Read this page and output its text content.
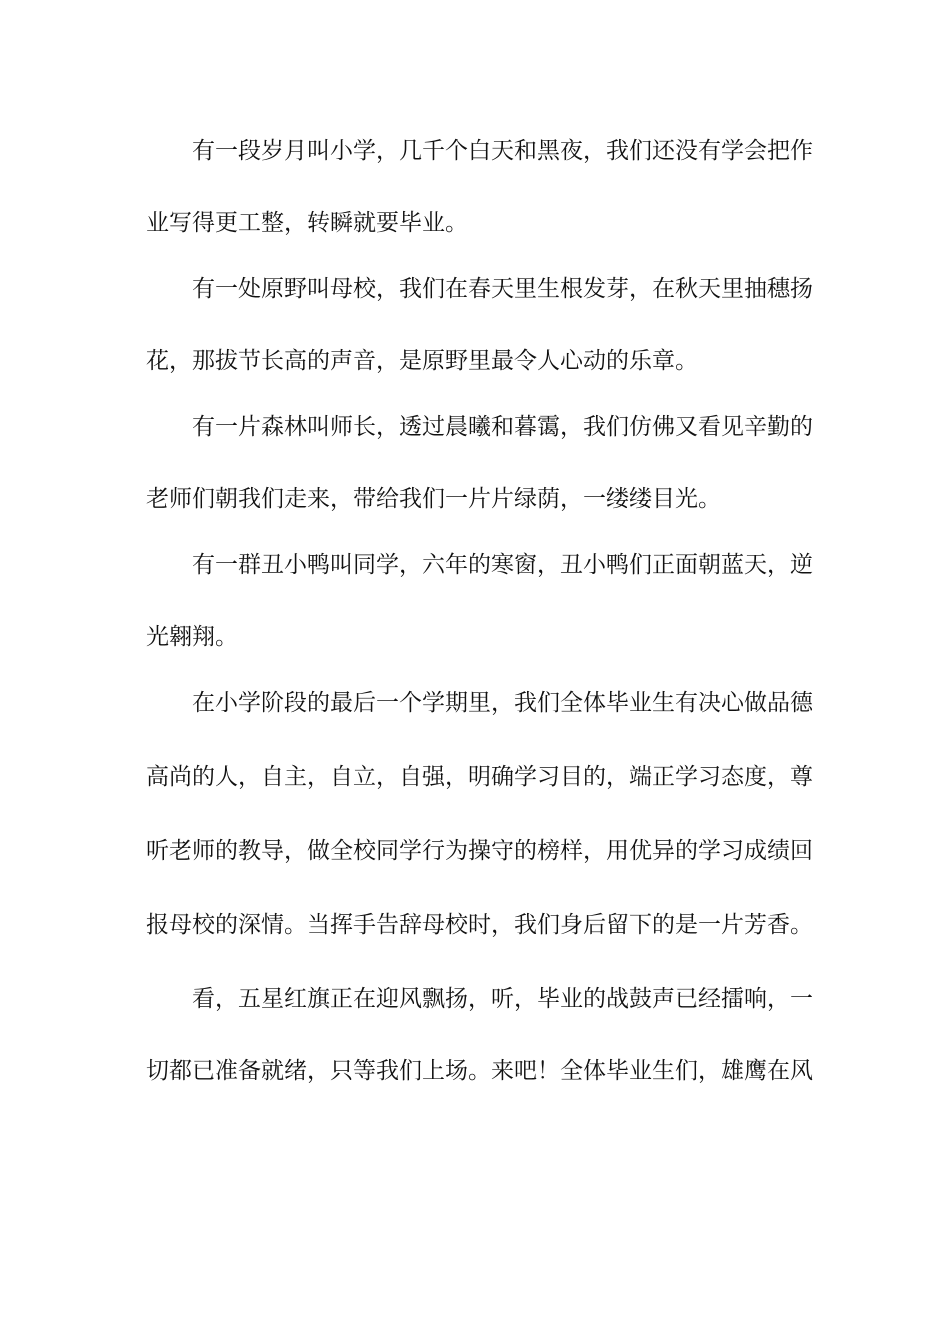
有一段岁月叫小学，几千个白天和黑夜，我们还没有学会把作
业写得更工整，转瞬就要毕业。
有一处原野叫母校，我们在春天里生根发芽，在秋天里抽穗扬
花，那拔节长高的声音，是原野里最令人心动的乐章。
有一片森林叫师长，透过晨曦和暮霭，我们仿佛又看见辛勤的
老师们朝我们走来，带给我们一片片绿荫，一缕缕目光。
有一群丑小鸭叫同学，六年的寒窗，丑小鸭们正面朝蓝天，逆
光翱翔。
在小学阶段的最后一个学期里，我们全体毕业生有决心做品德
高尚的人，自主，自立，自强，明确学习目的，端正学习态度，尊
听老师的教导，做全校同学行为操守的榜样，用优异的学习成绩回
报母校的深情。当挥手告辞母校时，我们身后留下的是一片芳香。
看，五星红旗正在迎风飘扬，听，毕业的战鼓声已经擂响，一
切都已准备就绪，只等我们上场。来吧！全体毕业生们，雄鹰在风
